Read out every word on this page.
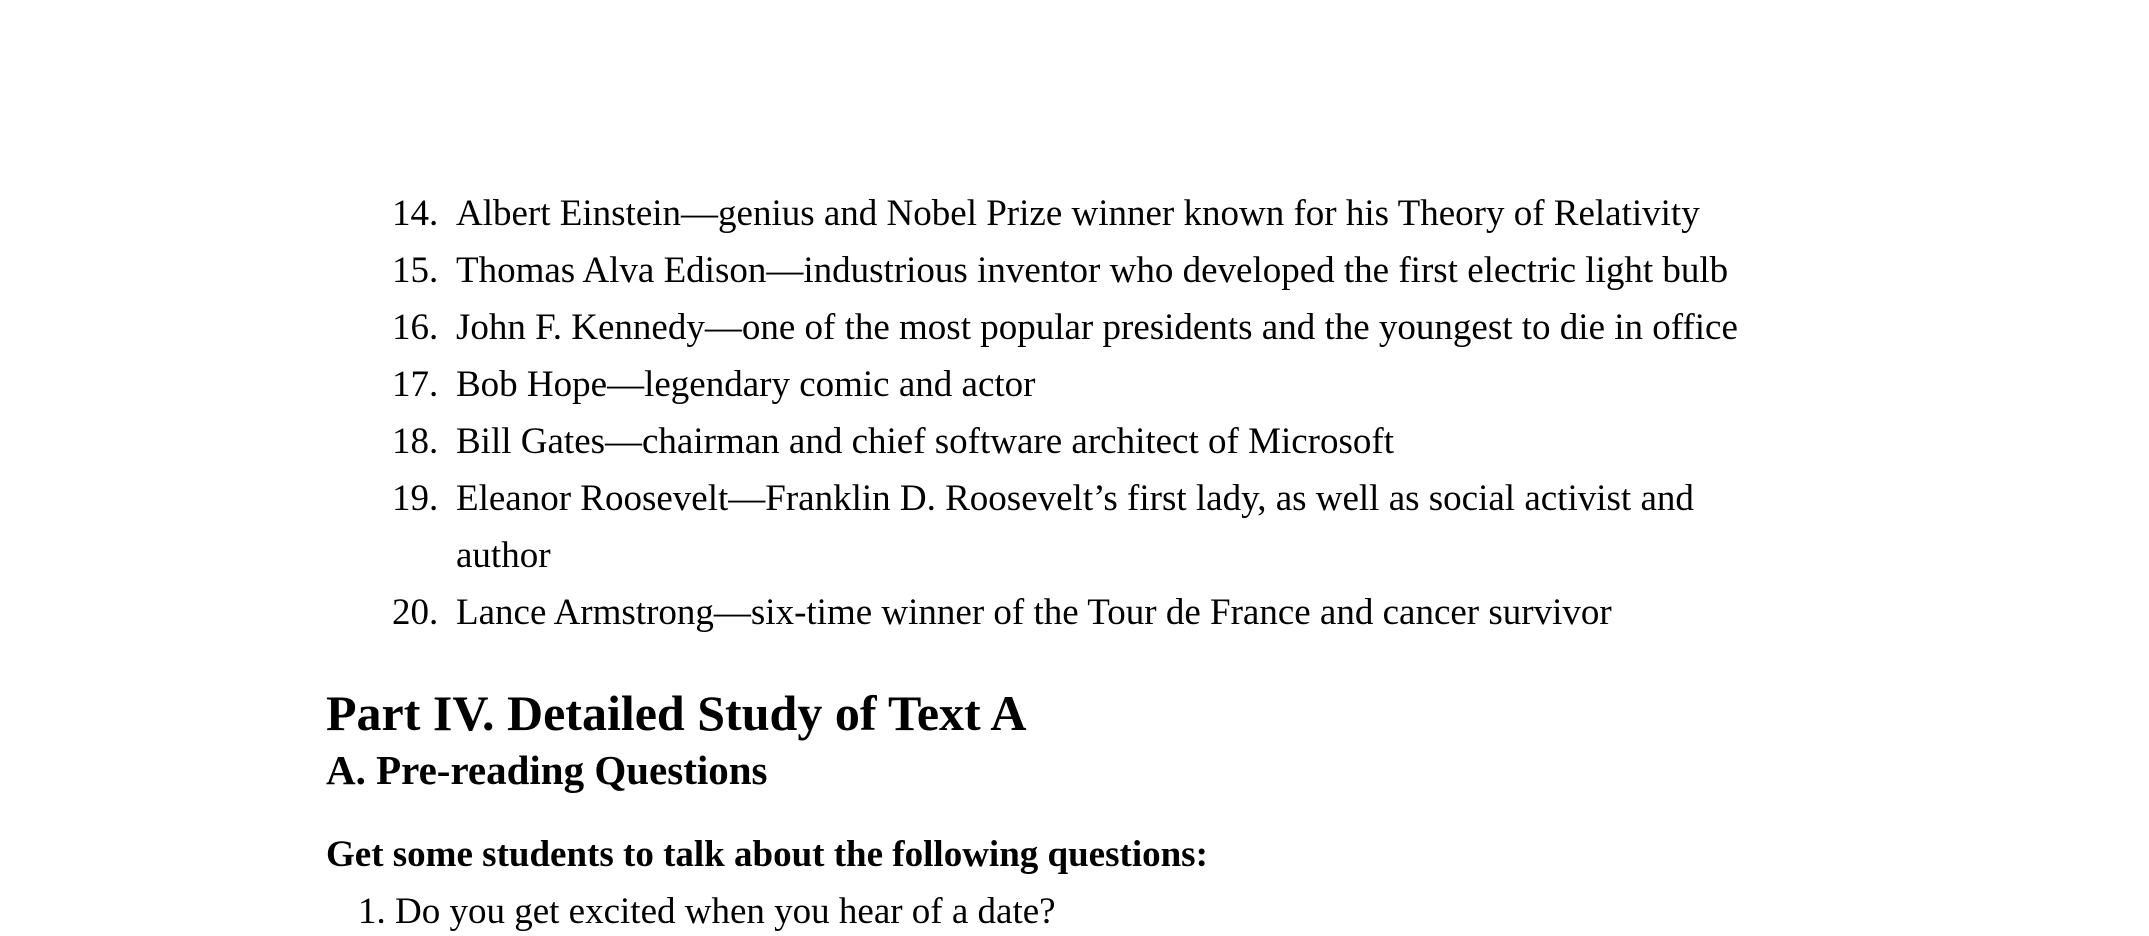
14. Albert Einstein—genius and Nobel Prize winner known for his Theory of Relativity
15. Thomas Alva Edison—industrious inventor who developed the first electric light bulb
16. John F. Kennedy—one of the most popular presidents and the youngest to die in office
17. Bob Hope—legendary comic and actor
18. Bill Gates—chairman and chief software architect of Microsoft
19. Eleanor Roosevelt—Franklin D. Roosevelt’s first lady, as well as social activist and
author
20. Lance Armstrong—six-time winner of the Tour de France and cancer survivor
Part IV. Detailed Study of Text A
A. Pre-reading Questions
Get some students to talk about the following questions:
1. Do you get excited when you hear of a date?
